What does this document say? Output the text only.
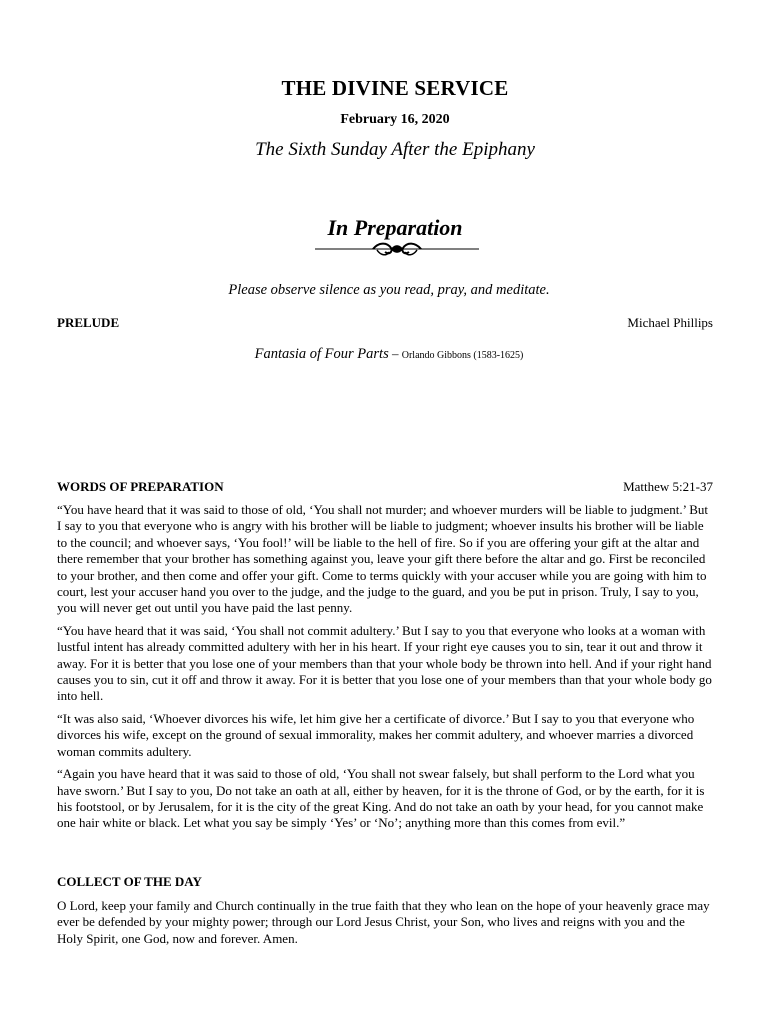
THE DIVINE SERVICE
February 16, 2020
The Sixth Sunday After the Epiphany
In Preparation
Please observe silence as you read, pray, and meditate.
PRELUDE	Michael Phillips
Fantasia of Four Parts – Orlando Gibbons (1583-1625)
WORDS OF PREPARATION	Matthew 5:21-37

“You have heard that it was said to those of old, ‘You shall not murder; and whoever murders will be liable to judgment.’ But I say to you that everyone who is angry with his brother will be liable to judgment; whoever insults his brother will be liable to the council; and whoever says, ‘You fool!’ will be liable to the hell of fire. So if you are offering your gift at the altar and there remember that your brother has something against you, leave your gift there before the altar and go. First be reconciled to your brother, and then come and offer your gift. Come to terms quickly with your accuser while you are going with him to court, lest your accuser hand you over to the judge, and the judge to the guard, and you be put in prison. Truly, I say to you, you will never get out until you have paid the last penny.

“You have heard that it was said, ‘You shall not commit adultery.’ But I say to you that everyone who looks at a woman with lustful intent has already committed adultery with her in his heart. If your right eye causes you to sin, tear it out and throw it away. For it is better that you lose one of your members than that your whole body be thrown into hell. And if your right hand causes you to sin, cut it off and throw it away. For it is better that you lose one of your members than that your whole body go into hell.

“It was also said, ‘Whoever divorces his wife, let him give her a certificate of divorce.’ But I say to you that everyone who divorces his wife, except on the ground of sexual immorality, makes her commit adultery, and whoever marries a divorced woman commits adultery.

“Again you have heard that it was said to those of old, ‘You shall not swear falsely, but shall perform to the Lord what you have sworn.’ But I say to you, Do not take an oath at all, either by heaven, for it is the throne of God, or by the earth, for it is his footstool, or by Jerusalem, for it is the city of the great King. And do not take an oath by your head, for you cannot make one hair white or black. Let what you say be simply ‘Yes’ or ‘No’; anything more than this comes from evil.”

COLLECT OF THE DAY

O Lord, keep your family and Church continually in the true faith that they who lean on the hope of your heavenly grace may ever be defended by your mighty power; through our Lord Jesus Christ, your Son, who lives and reigns with you and the Holy Spirit, one God, now and forever. Amen.
